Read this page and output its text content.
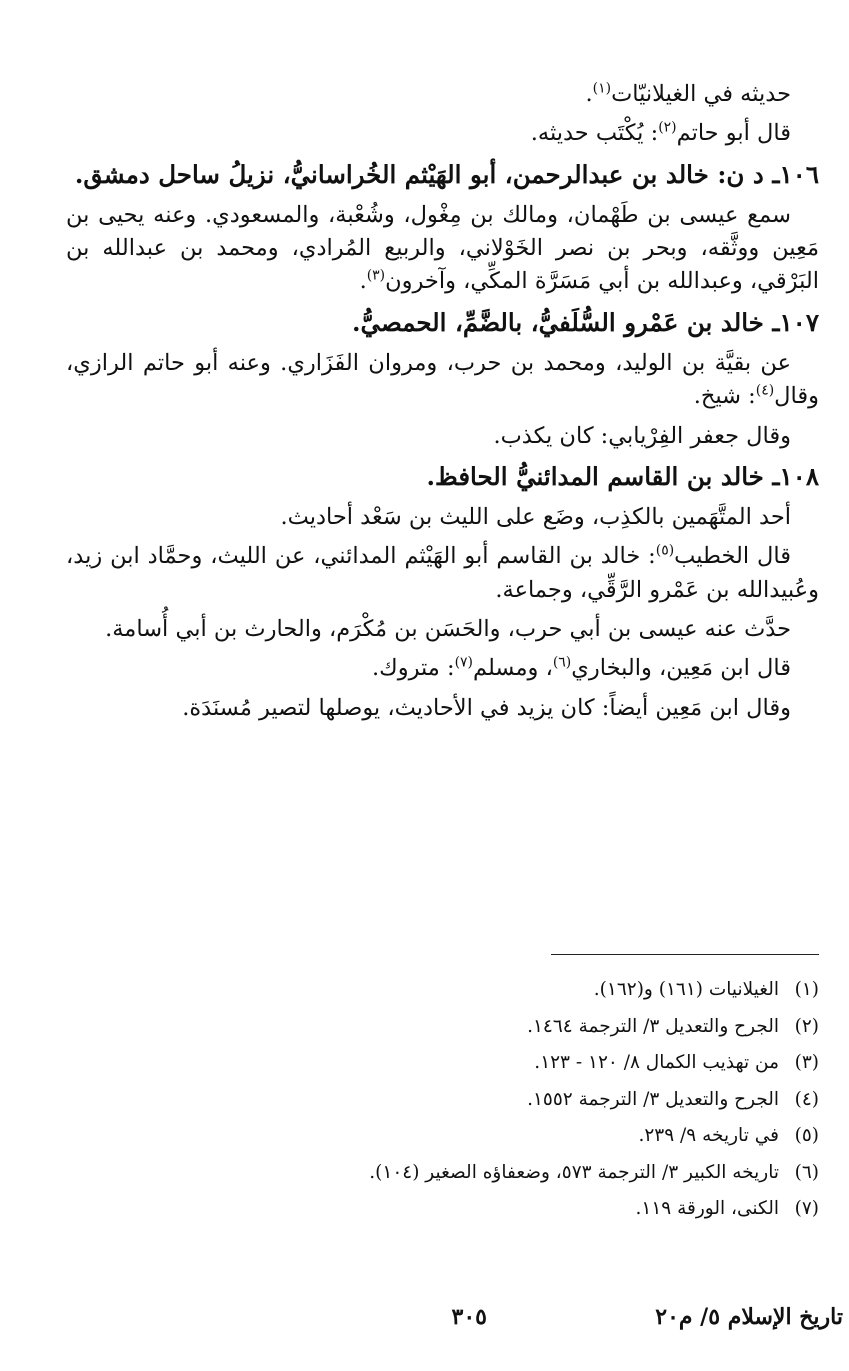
حديثه في الغيلانيّات$^{(١)}$.

قال أبو حاتم$^{(٢)}$: يُكْتَب حديثه.

١٠٦ـ د ن: خالد بن عبدالرحمن، أبو الهَيْثم الخُراسانيُّ، نزيلُ ساحل دمشق.

سمع عيسى بن طَهْمان، ومالك بن مِغْول، وشُعْبة، والمسعودي. وعنه يحيى بن مَعِين ووثَّقه، وبحر بن نصر الخَوْلاني، والربيع المُرادي، ومحمد بن عبدالله بن البَرْقي، وعبدالله بن أبي مَسَرَّة المكِّي، وآخرون$^{(٣)}$.

١٠٧ـ خالد بن عَمْرو السُّلَفيُّ، بالضَّمِّ، الحمصيُّ.

عن بقيَّة بن الوليد، ومحمد بن حرب، ومروان الفَزَاري. وعنه أبو حاتم الرازي، وقال$^{(٤)}$: شيخ.

وقال جعفر الفِرْيابي: كان يكذب.

١٠٨ـ خالد بن القاسم المدائنيُّ الحافظ.

أحد المتَّهَمين بالكذِب، وضَع على الليث بن سَعْد أحاديث.

قال الخطيب$^{(٥)}$: خالد بن القاسم أبو الهَيْثم المدائني، عن الليث، وحمَّاد ابن زيد، وعُبيدالله بن عَمْرو الرَّقِّي، وجماعة.

حدَّث عنه عيسى بن أبي حرب، والحَسَن بن مُكْرَم، والحارث بن أبي أُسامة.

قال ابن مَعِين، والبخاري$^{(٦)}$، ومسلم$^{(٧)}$: متروك.

وقال ابن مَعِين أيضاً: كان يزيد في الأحاديث، يوصلها لتصير مُسنَدَة.

(١)
الغيلانيات (١٦١) و(١٦٢).
(٢)
الجرح والتعديل ٣/ الترجمة ١٤٦٤.
(٣)
من تهذيب الكمال ٨/ ١٢٠ - ١٢٣.
(٤)
الجرح والتعديل ٣/ الترجمة ١٥٥٢.
(٥)
في تاريخه ٩/ ٢٣٩.
(٦)
تاريخه الكبير ٣/ الترجمة ٥٧٣، وضعفاؤه الصغير (١٠٤).
(٧)
الكنى، الورقة ١١٩.
تاريخ الإسلام ٥/ م٢٠
٣٠٥
